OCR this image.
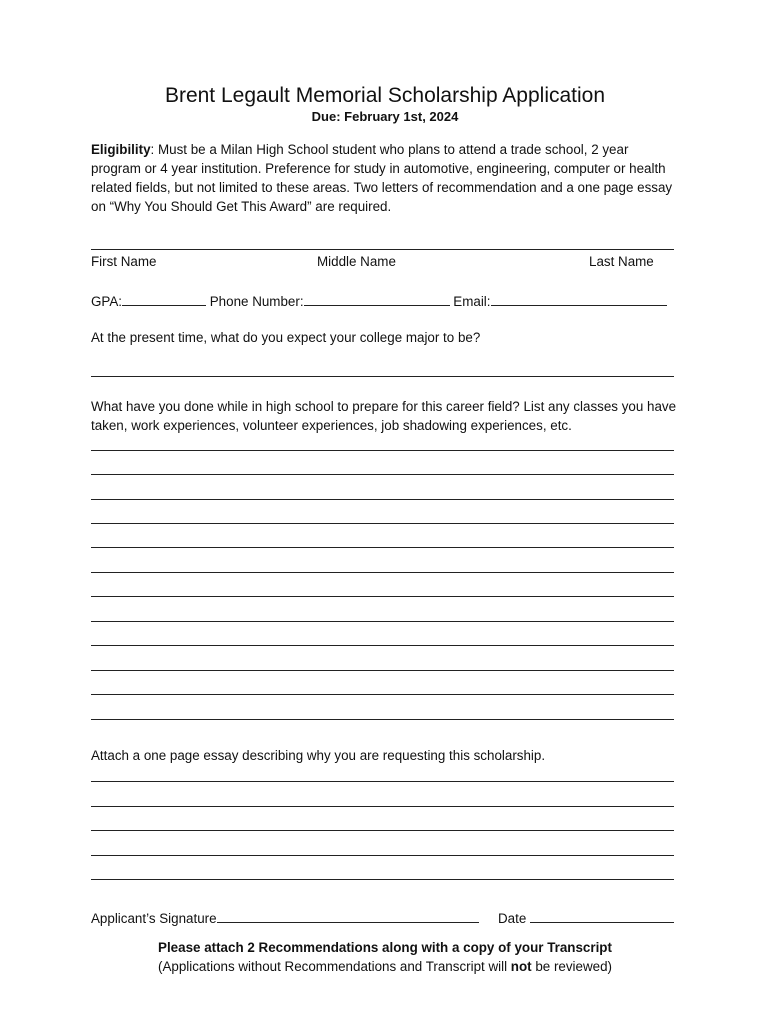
Brent Legault Memorial Scholarship Application
Due: February 1st, 2024
Eligibility: Must be a Milan High School student who plans to attend a trade school, 2 year program or 4 year institution. Preference for study in automotive, engineering, computer or health related fields, but not limited to these areas. Two letters of recommendation and a one page essay on “Why You Should Get This Award” are required.
First Name	Middle Name	Last Name
GPA:	Phone Number:	Email:
At the present time, what do you expect your college major to be?
What have you done while in high school to prepare for this career field? List any classes you have taken, work experiences, volunteer experiences, job shadowing experiences, etc.
Attach a one page essay describing why you are requesting this scholarship.
Applicant’s Signature	Date
Please attach 2 Recommendations along with a copy of your Transcript
(Applications without Recommendations and Transcript will not be reviewed)
